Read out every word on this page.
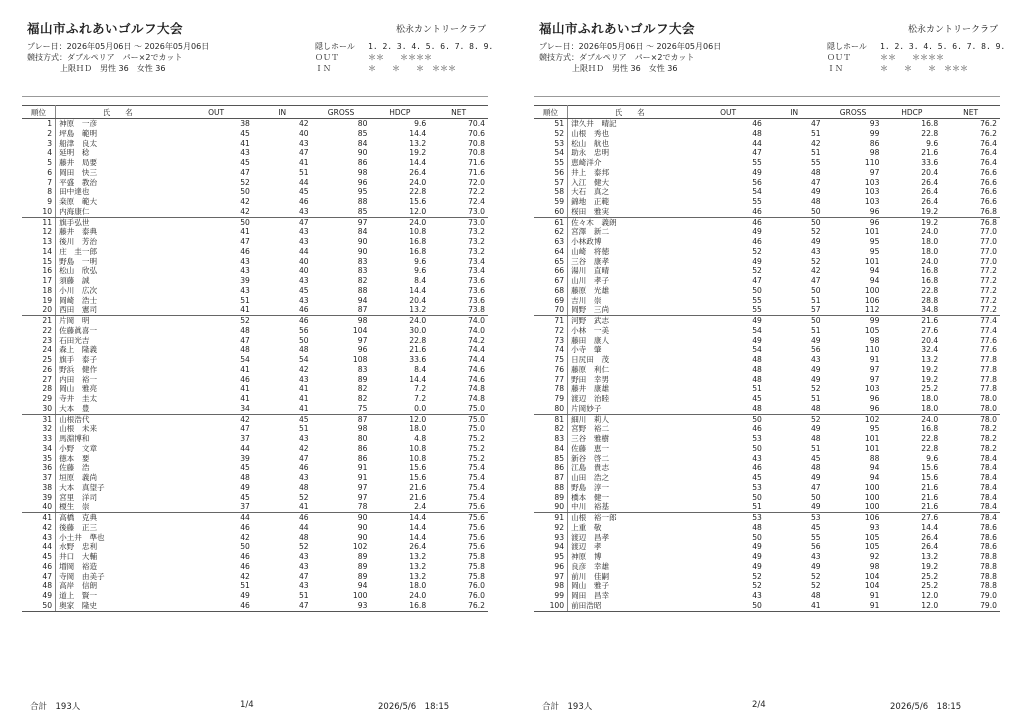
福山市ふれあいゴルフ大会	松永カントリークラブ
プレー日：2026年05月06日 ～ 2026年05月06日
競技方式：ダブルペリア　パー×2でカット
上限ＨＤ　男性 36　女性 36
隠しホール 1. 2. 3. 4. 5. 6. 7. 8. 9.
ＯＵＴ	＊＊　　＊＊＊＊
ＩＮ	＊　　＊　　＊　＊＊＊
順位	氏　　名	OUT	IN	GROSS	HDCP	NET
1	神原　一彦	38	42	80	9.6	70.4
2	坪島　範明	45	40	85	14.4	70.6
3	船津　良太	41	43	84	13.2	70.8
4	延明　稔	43	47	90	19.2	70.8
5	藤井　局要	45	41	86	14.4	71.6
6	岡田　快三	47	51	98	26.4	71.6
7	平盛　教治	52	44	96	24.0	72.0
8	田中達也	50	45	95	22.8	72.2
9	桒原　範大	42	46	88	15.6	72.4
10	内海康仁	42	43	85	12.0	73.0
11	旗手弘世	50	47	97	24.0	73.0
12	藤井　泰典	41	43	84	10.8	73.2
13	後川　芳治	47	43	90	16.8	73.2
14	庄　圭一郎	46	44	90	16.8	73.2
15	野島　一明	43	40	83	9.6	73.4
16	松山　欣弘	43	40	83	9.6	73.4
17	須藤　誠	39	43	82	8.4	73.6
18	小川　広次	43	45	88	14.4	73.6
19	岡崎　浩士	51	43	94	20.4	73.6
20	西田　憲司	41	46	87	13.2	73.8
21	片岡　明	52	46	98	24.0	74.0
22	佐藤眞喜一	48	56	104	30.0	74.0
23	石田光吉	47	50	97	22.8	74.2
24	森上　隆義	48	48	96	21.6	74.4
25	旗手　泰子	54	54	108	33.6	74.4
26	野浜　健作	41	42	83	8.4	74.6
27	内田　裕一	46	43	89	14.4	74.6
28	岡山　雅亮	41	41	82	7.2	74.8
29	寺井　圭太	41	41	82	7.2	74.8
30	大本　豊	34	41	75	0.0	75.0
31	山根浩代	42	45	87	12.0	75.0
32	山根　未来	47	51	98	18.0	75.0
33	馬淵博和	37	43	80	4.8	75.2
34	小野　文章	44	42	86	10.8	75.2
35	徳本　要	39	47	86	10.8	75.2
36	佐藤　浩	45	46	91	15.6	75.4
37	垣原　義尚	48	43	91	15.6	75.4
38	大本　真望子	49	48	97	21.6	75.4
39	宮里　洋司	45	52	97	21.6	75.4
40	榎生　崇	37	41	78	2.4	75.6
41	高橋　克典	44	46	90	14.4	75.6
42	後藤　正三	46	44	90	14.4	75.6
43	小土井　準也	42	48	90	14.4	75.6
44	水野　忠利	50	52	102	26.4	75.6
45	井口　大輔	46	43	89	13.2	75.8
46	増岡　裕造	46	43	89	13.2	75.8
47	寺岡　由美子	42	47	89	13.2	75.8
48	高岸　信朗	51	43	94	18.0	76.0
49	道上　賢一	49	51	100	24.0	76.0
50	奥家　隆史	46	47	93	16.8	76.2
合計　193人	1/4	2026/5/6　18:15
福山市ふれあいゴルフ大会	松永カントリークラブ
プレー日：2026年05月06日 ～ 2026年05月06日
競技方式：ダブルペリア　パー×2でカット
上限ＨＤ　男性 36　女性 36
隠しホール 1. 2. 3. 4. 5. 6. 7. 8. 9.
ＯＵＴ	＊＊　　＊＊＊＊
ＩＮ	＊　　＊　　＊　＊＊＊
順位	氏　　名	OUT	IN	GROSS	HDCP	NET
51	津久井　晴記	46	47	93	16.8	76.2
52	山根　秀也	48	51	99	22.8	76.2
53	松山　航也	44	42	86	9.6	76.4
54	助永　忠明	47	51	98	21.6	76.4
55	恵崎洋介	55	55	110	33.6	76.4
56	井上　泰邦	49	48	97	20.4	76.6
57	入江　健大	56	47	103	26.4	76.6
58	大石　真之	54	49	103	26.4	76.6
59	錦地　正範	55	48	103	26.4	76.6
60	桜田　雅実	46	50	96	19.2	76.8
61	佐々木　義朗	46	50	96	19.2	76.8
62	宮澤　新二	49	52	101	24.0	77.0
63	小林政博	46	49	95	18.0	77.0
64	山崎　将徳	52	43	95	18.0	77.0
65	三谷　康孝	49	52	101	24.0	77.0
66	湯川　直晴	52	42	94	16.8	77.2
67	山川　孝子	47	47	94	16.8	77.2
68	藤原　光雄	50	50	100	22.8	77.2
69	吉川　崇	55	51	106	28.8	77.2
70	岡野　三尚	55	57	112	34.8	77.2
71	河野　武志	49	50	99	21.6	77.4
72	小林　一美	54	51	105	27.6	77.4
73	藤田　康人	49	49	98	20.4	77.6
74	小寺　肇	54	56	110	32.4	77.6
75	日尻田　茂	48	43	91	13.2	77.8
76	藤原　利仁	48	49	97	19.2	77.8
77	野田　幸男	48	49	97	19.2	77.8
78	藤井　康雄	51	52	103	25.2	77.8
79	渡辺　治睦	45	51	96	18.0	78.0
80	片岡妙子	48	48	96	18.0	78.0
81	細川　莉人	50	52	102	24.0	78.0
82	宮野　裕二	46	49	95	16.8	78.2
83	三谷　雅樹	53	48	101	22.8	78.2
84	佐藤　恵一	50	51	101	22.8	78.2
85	新谷　啓二	43	45	88	9.6	78.4
86	江島　貴志	46	48	94	15.6	78.4
87	山田　浩之	45	49	94	15.6	78.4
88	野島　淳一	53	47	100	21.6	78.4
89	橋本　健一	50	50	100	21.6	78.4
90	中川　裕基	51	49	100	21.6	78.4
91	山根　裕一郎	53	53	106	27.6	78.4
92	上重　敬	48	45	93	14.4	78.6
93	渡辺　昌孝	50	55	105	26.4	78.6
94	渡辺　孝	49	56	105	26.4	78.6
95	神原　博	49	43	92	13.2	78.8
96	良彦　幸雄	49	49	98	19.2	78.8
97	前川　佳嗣	52	52	104	25.2	78.8
98	岡山　雅子	52	52	104	25.2	78.8
99	岡田　昌幸	43	48	91	12.0	79.0
100	前田浩昭	50	41	91	12.0	79.0
合計　193人	2/4	2026/5/6　18:15
